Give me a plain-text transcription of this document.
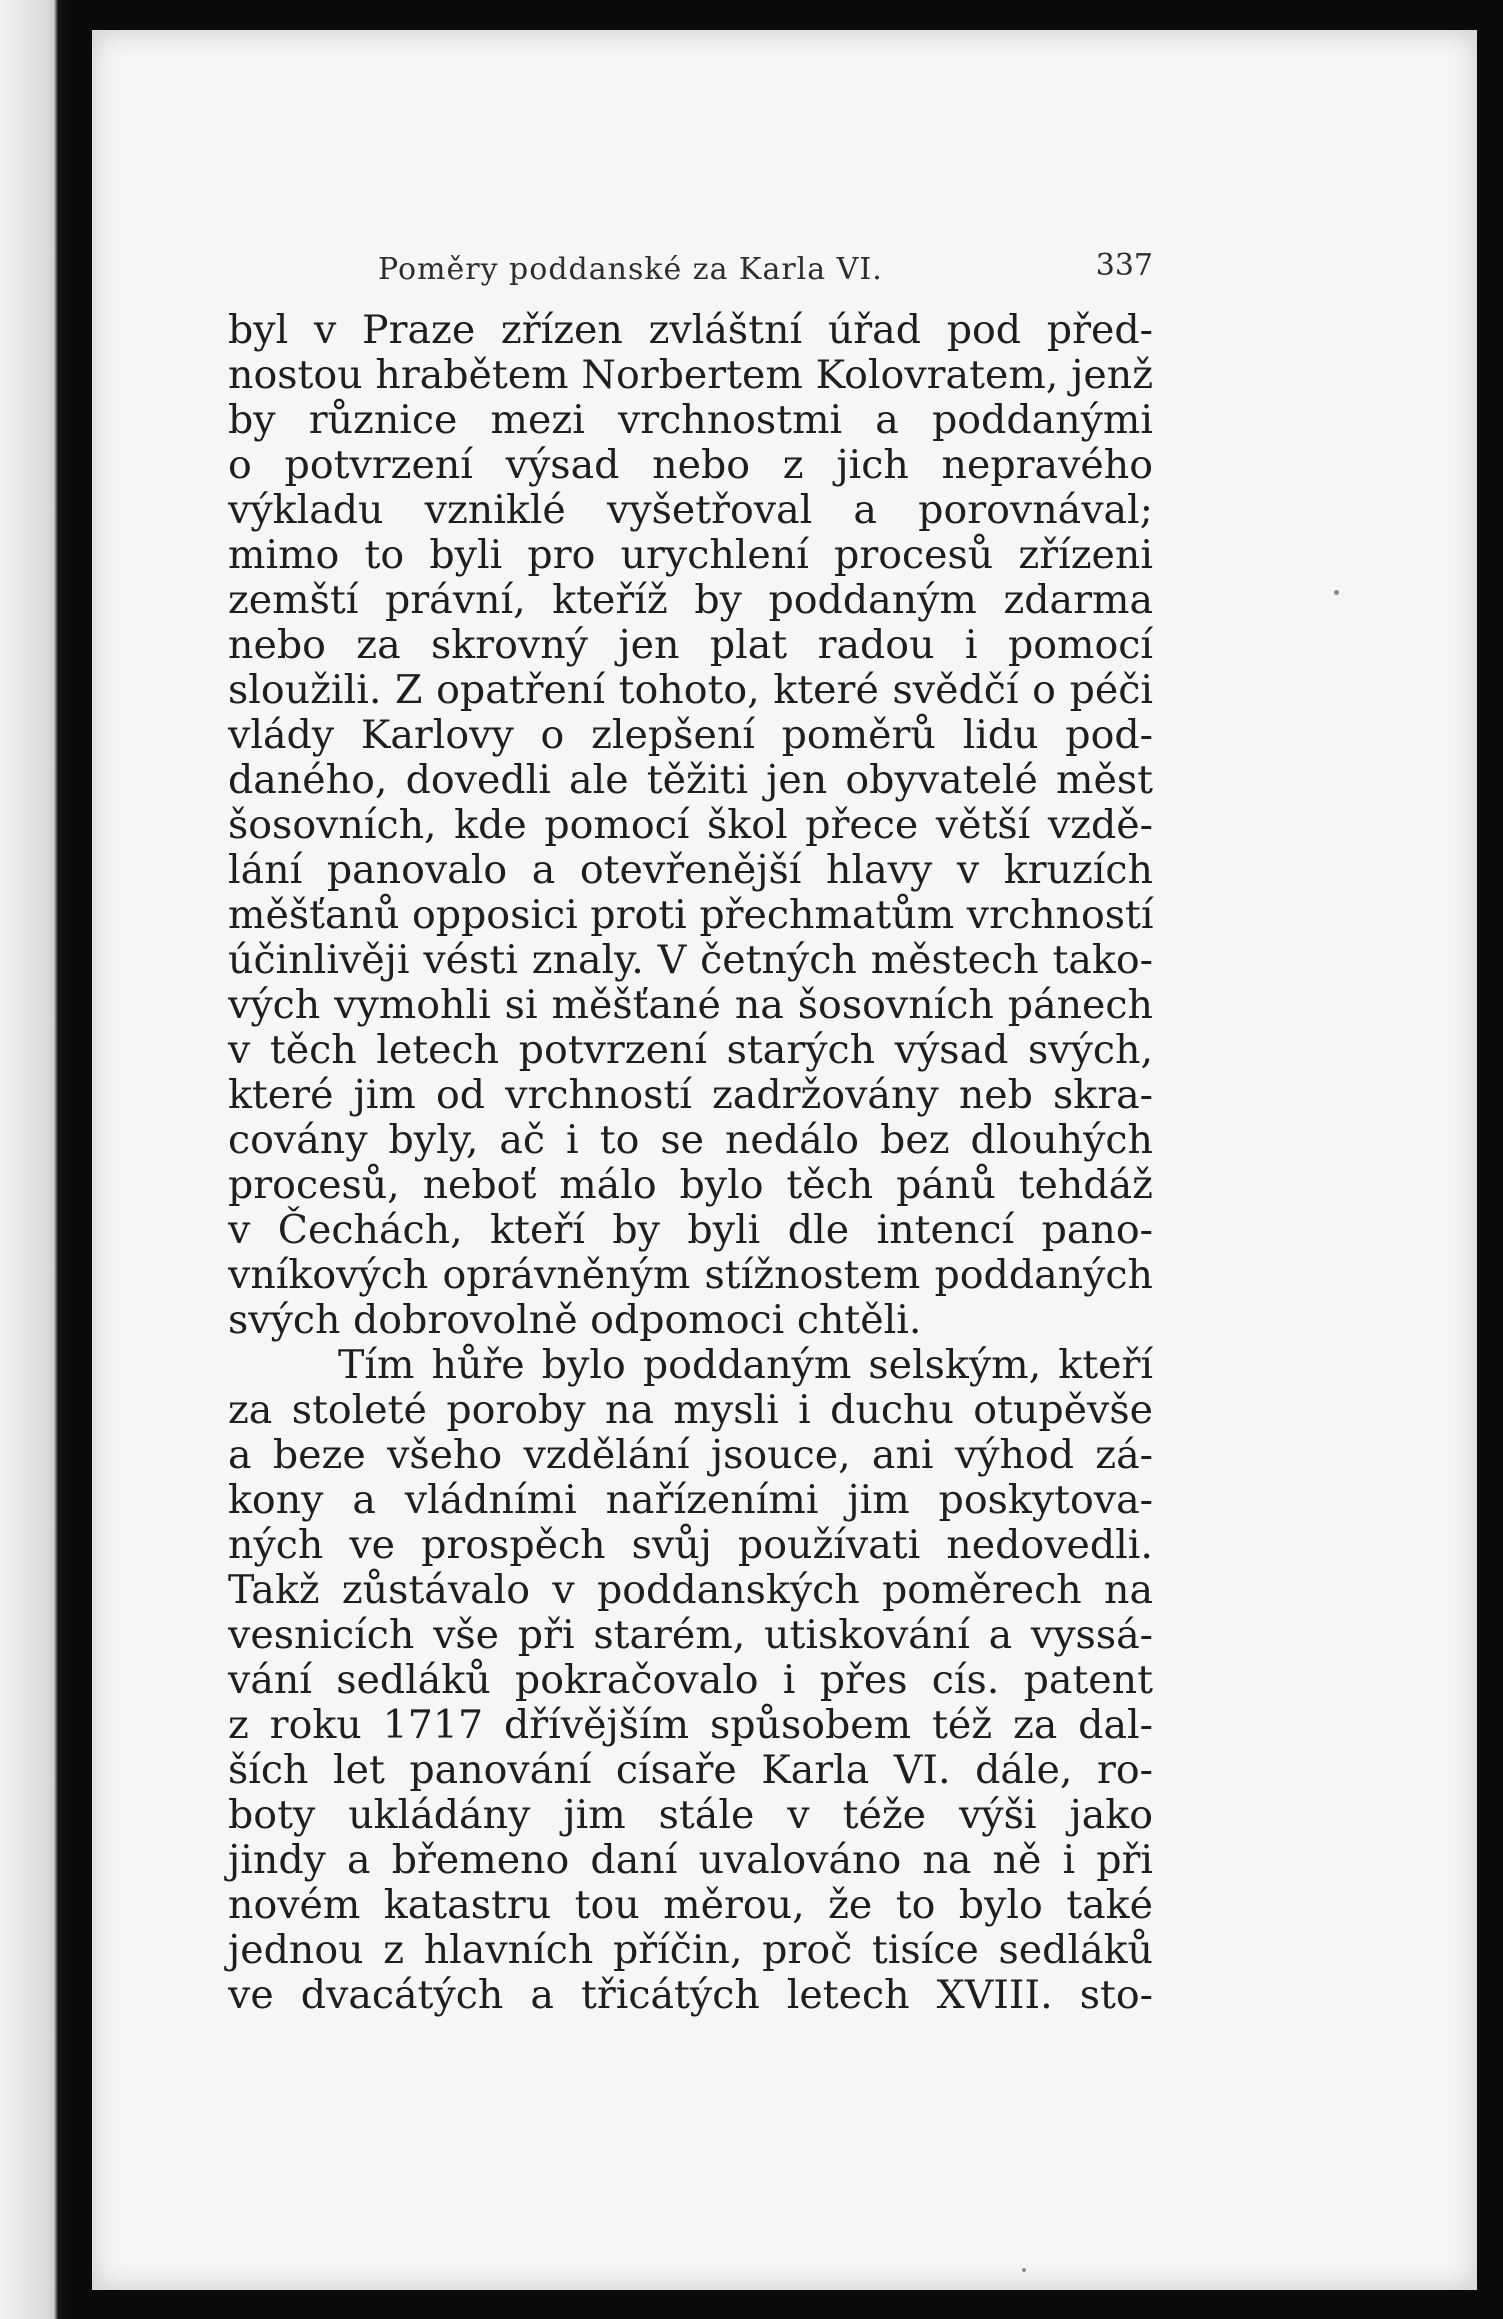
Poměry poddanské za Karla VI.	337
byl v Praze zřízen zvláštní úřad pod před-
nostou hrabětem Norbertem Kolovratem, jenž
by různice mezi vrchnostmi a poddanými
o potvrzení výsad nebo z jich nepravého
výkladu vzniklé vyšetřoval a porovnával;
mimo to byli pro urychlení procesů zřízeni
zemští právní, kteříž by poddaným zdarma
nebo za skrovný jen plat radou i pomocí
sloužili. Z opatření tohoto, které svědčí o péči
vlády Karlovy o zlepšení poměrů lidu pod-
daného, dovedli ale těžiti jen obyvatelé měst
šosovních, kde pomocí škol přece větší vzdě-
lání panovalo a otevřenější hlavy v kruzích
měšťanů opposici proti přechmatům vrchností
účinlivěji vésti znaly. V četných městech tako-
vých vymohli si měšťané na šosovních pánech
v těch letech potvrzení starých výsad svých,
které jim od vrchností zadržovány neb skra-
covány byly, ač i to se nedálo bez dlouhých
procesů, neboť málo bylo těch pánů tehdáž
v Čechách, kteří by byli dle intencí pano-
vníkových oprávněným stížnostem poddaných
svých dobrovolně odpomoci chtěli.
Tím hůře bylo poddaným selským, kteří
za stoleté poroby na mysli i duchu otupěvše
a beze všeho vzdělání jsouce, ani výhod zá-
kony a vládními nařízeními jim poskytova-
ných ve prospěch svůj používati nedovedli.
Takž zůstávalo v poddanských poměrech na
vesnicích vše při starém, utiskování a vyssá-
vání sedláků pokračovalo i přes cís. patent
z roku 1717 dřívějším spůsobem též za dal-
ších let panování císaře Karla VI. dále, ro-
boty ukládány jim stále v téže výši jako
jindy a břemeno daní uvalováno na ně i při
novém katastru tou měrou, že to bylo také
jednou z hlavních příčin, proč tisíce sedláků
ve dvacátých a třicátých letech XVIII. sto-
